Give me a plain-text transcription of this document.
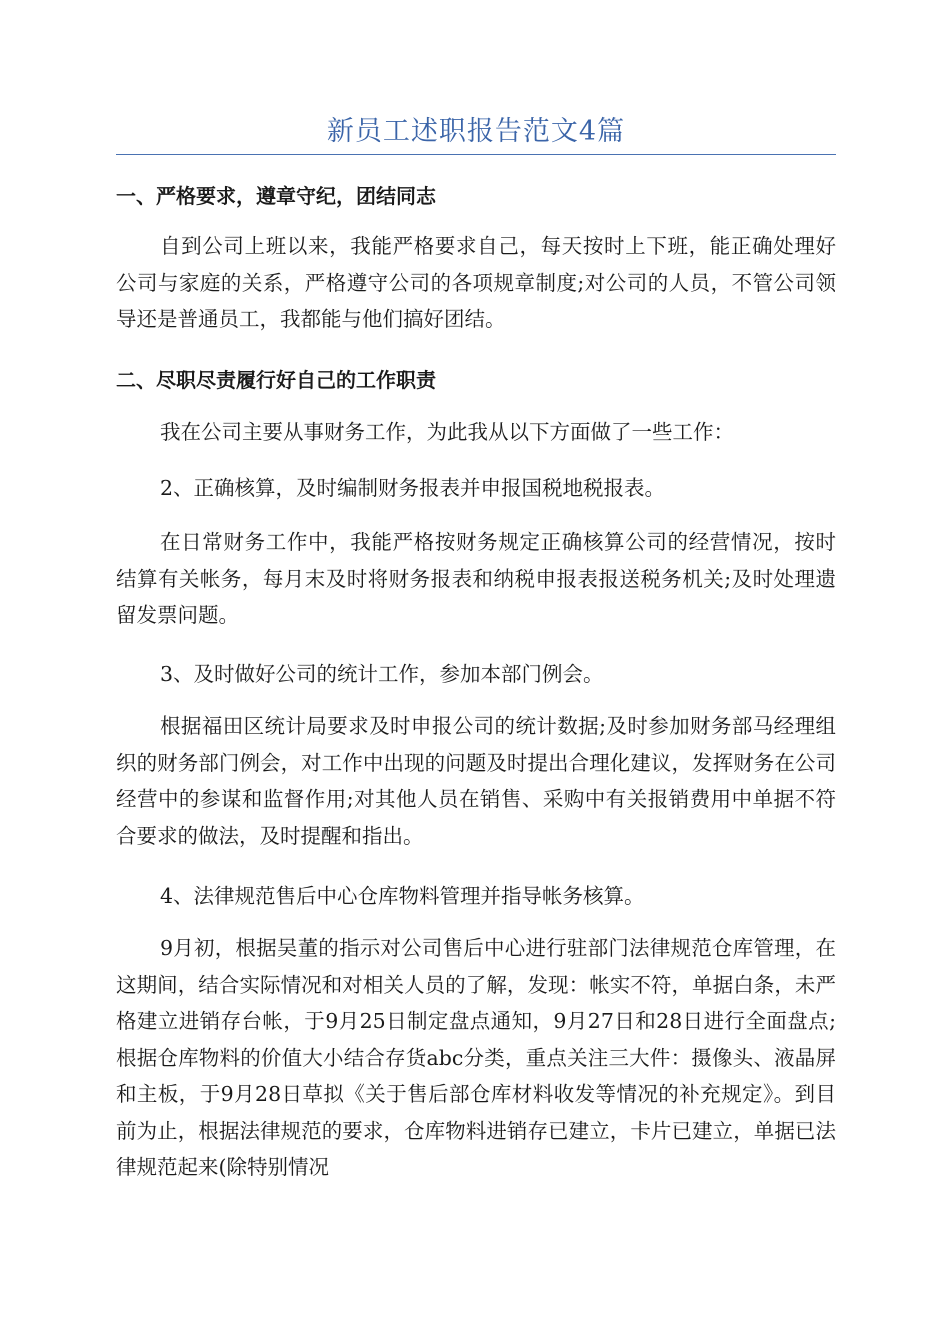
新员工述职报告范文4篇
一、严格要求，遵章守纪，团结同志
自到公司上班以来，我能严格要求自己，每天按时上下班，能正确处理好公司与家庭的关系，严格遵守公司的各项规章制度;对公司的人员，不管公司领导还是普通员工，我都能与他们搞好团结。
二、尽职尽责履行好自己的工作职责
我在公司主要从事财务工作，为此我从以下方面做了一些工作：
2、正确核算，及时编制财务报表并申报国税地税报表。
在日常财务工作中，我能严格按财务规定正确核算公司的经营情况，按时结算有关帐务，每月末及时将财务报表和纳税申报表报送税务机关;及时处理遗留发票问题。
3、及时做好公司的统计工作，参加本部门例会。
根据福田区统计局要求及时申报公司的统计数据;及时参加财务部马经理组织的财务部门例会，对工作中出现的问题及时提出合理化建议，发挥财务在公司经营中的参谋和监督作用;对其他人员在销售、采购中有关报销费用中单据不符合要求的做法，及时提醒和指出。
4、法律规范售后中心仓库物料管理并指导帐务核算。
9月初，根据吴董的指示对公司售后中心进行驻部门法律规范仓库管理，在这期间，结合实际情况和对相关人员的了解，发现：帐实不符，单据白条，未严格建立进销存台帐，于9月25日制定盘点通知，9月27日和28日进行全面盘点;根据仓库物料的价值大小结合存货abc分类，重点关注三大件：摄像头、液晶屏和主板，于9月28日草拟《关于售后部仓库材料收发等情况的补充规定》。到目前为止，根据法律规范的要求，仓库物料进销存已建立，卡片已建立，单据已法律规范起来(除特别情况
